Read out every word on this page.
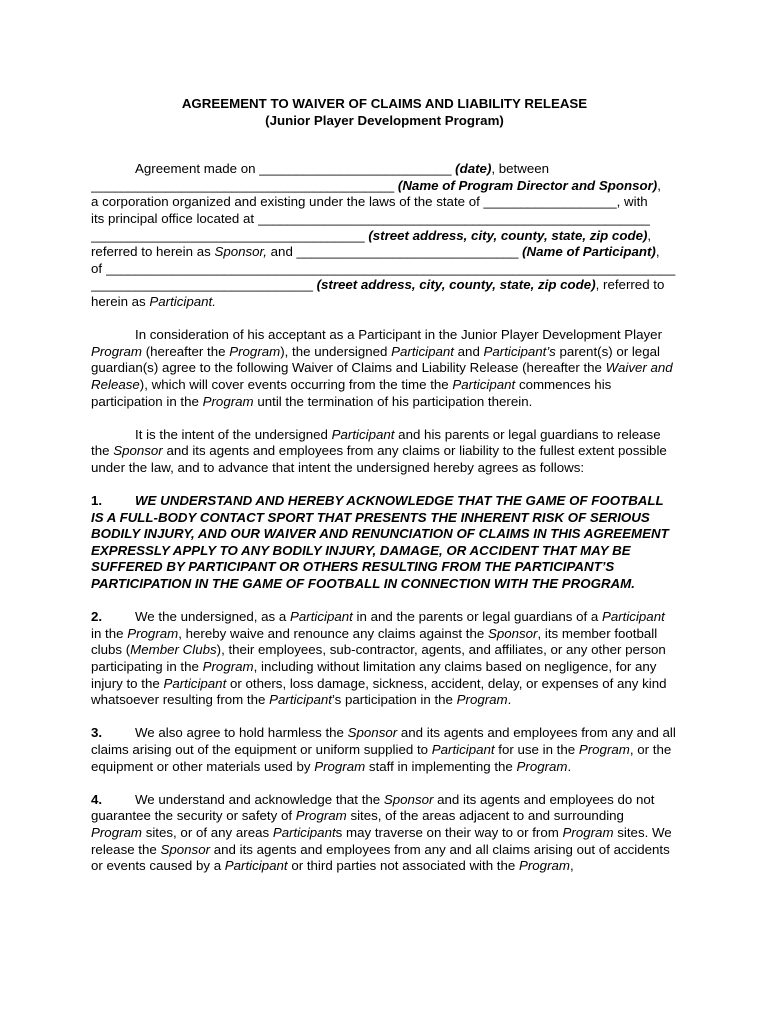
AGREEMENT TO WAIVER OF CLAIMS AND LIABILITY RELEASE

(Junior Player Development Program)

Agreement made on __________________________ (date), between
_________________________________________ (Name of Program Director and Sponsor),
a corporation organized and existing under the laws of the state of __________________, with
its principal office located at
_____________________________________________________
_____________________________________ (street address, city, county, state, zip code),
referred to herein as Sponsor, and ______________________________ (Name of Participant),
of
_____________________________________________________________________________
______________________________ (street address, city, county, state, zip code), referred to
herein as Participant.

In consideration of his acceptant as a Participant in the Junior Player Development Player Program (hereafter the Program), the undersigned Participant and Participant’s parent(s) or legal guardian(s) agree to the following Waiver of Claims and Liability Release (hereafter the Waiver and Release), which will cover events occurring from the time the Participant commences his participation in the Program until the termination of his participation therein.

It is the intent of the undersigned Participant and his parents or legal guardians to release the Sponsor and its agents and employees from any claims or liability to the fullest extent possible under the law, and to advance that intent the undersigned hereby agrees as follows:

1. WE UNDERSTAND AND HEREBY ACKNOWLEDGE THAT THE GAME OF FOOTBALL IS A FULL-BODY CONTACT SPORT THAT PRESENTS THE INHERENT RISK OF SERIOUS BODILY INJURY, AND OUR WAIVER AND RENUNCIATION OF CLAIMS IN THIS AGREEMENT EXPRESSLY APPLY TO ANY BODILY INJURY, DAMAGE, OR ACCIDENT THAT MAY BE SUFFERED BY PARTICIPANT OR OTHERS RESULTING FROM THE PARTICIPANT’S PARTICIPATION IN THE GAME OF FOOTBALL IN CONNECTION WITH THE PROGRAM.

2. We the undersigned, as a Participant in and the parents or legal guardians of a Participant in the Program, hereby waive and renounce any claims against the Sponsor, its member football clubs (Member Clubs), their employees, sub-contractor, agents, and affiliates, or any other person participating in the Program, including without limitation any claims based on negligence, for any injury to the Participant or others, loss damage, sickness, accident, delay, or expenses of any kind whatsoever resulting from the Participant’s participation in the Program.

3. We also agree to hold harmless the Sponsor and its agents and employees from any and all claims arising out of the equipment or uniform supplied to Participant for use in the Program, or the equipment or other materials used by Program staff in implementing the Program.

4. We understand and acknowledge that the Sponsor and its agents and employees do not guarantee the security or safety of Program sites, of the areas adjacent to and surrounding Program sites, or of any areas Participants may traverse on their way to or from Program sites. We release the Sponsor and its agents and employees from any and all claims arising out of accidents or events caused by a Participant or third parties not associated with the Program,
